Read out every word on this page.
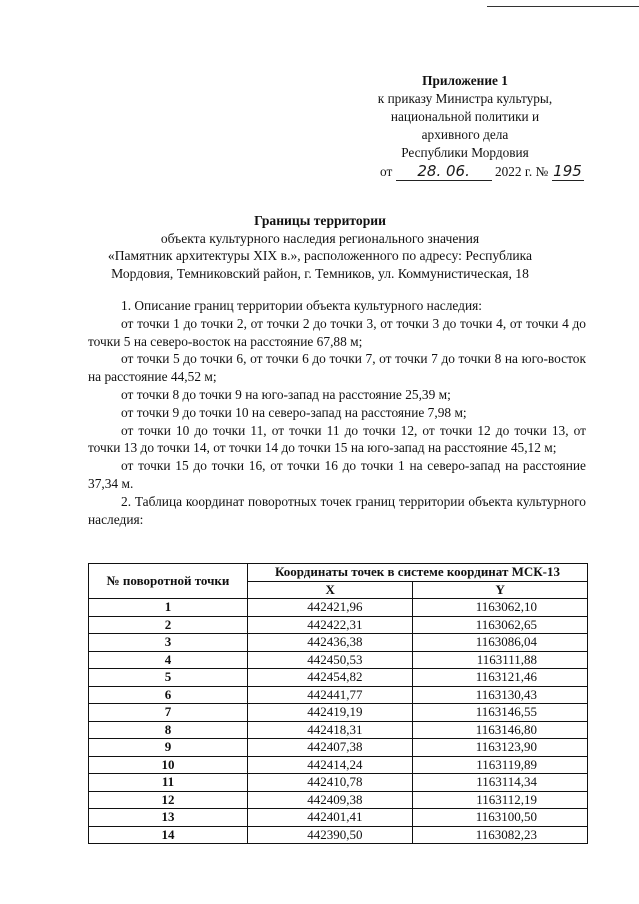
Приложение 1
к приказу Министра культуры,
национальной политики и
архивного дела
Республики Мордовия
от 28. 06. 2022 г. № 195
Границы территории
объекта культурного наследия регионального значения
«Памятник архитектуры XIX в.», расположенного по адресу: Республика
Мордовия, Темниковский район, г. Темников, ул. Коммунистическая, 18

1. Описание границ территории объекта культурного наследия:

от точки 1 до точки 2, от точки 2 до точки 3, от точки 3 до точки 4, от точки 4 до точки 5 на северо-восток на расстояние 67,88 м;

от точки 5 до точки 6, от точки 6 до точки 7, от точки 7 до точки 8 на юго-восток на расстояние 44,52 м;

от точки 8 до точки 9 на юго-запад на расстояние 25,39 м;

от точки 9 до точки 10 на северо-запад на расстояние 7,98 м;

от точки 10 до точки 11, от точки 11 до точки 12, от точки 12 до точки 13, от точки 13 до точки 14, от точки 14 до точки 15 на юго-запад на расстояние 45,12 м;

от точки 15 до точки 16, от точки 16 до точки 1 на северо-запад на расстояние 37,34 м.

2. Таблица координат поворотных точек границ территории объекта культурного наследия:

№ поворотной точки	Координаты точек в системе координат МСК-13	
	X	Y
1	442421,96	1163062,10
2	442422,31	1163062,65
3	442436,38	1163086,04
4	442450,53	1163111,88
5	442454,82	1163121,46
6	442441,77	1163130,43
7	442419,19	1163146,55
8	442418,31	1163146,80
9	442407,38	1163123,90
10	442414,24	1163119,89
11	442410,78	1163114,34
12	442409,38	1163112,19
13	442401,41	1163100,50
14	442390,50	1163082,23
